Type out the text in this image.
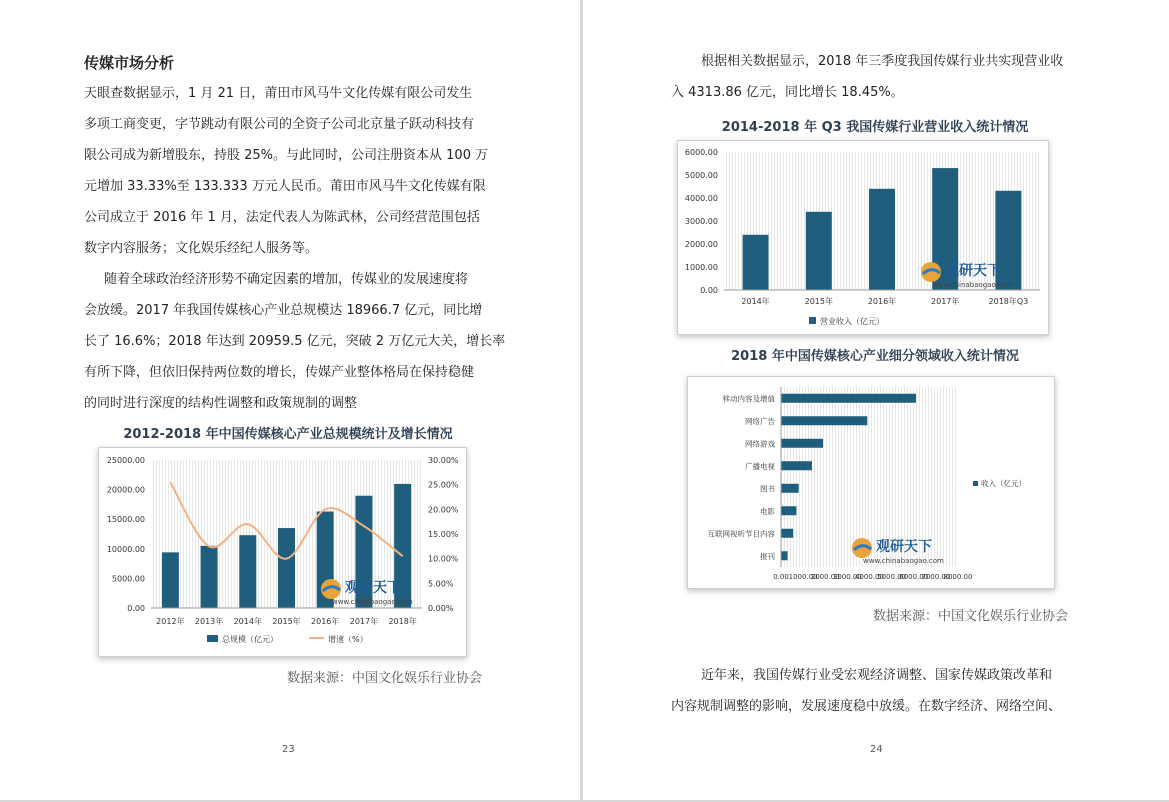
传媒市场分析

天眼查数据显示，1 月 21 日，莆田市风马牛文化传媒有限公司发生
多项工商变更，字节跳动有限公司的全资子公司北京量子跃动科技有
限公司成为新增股东，持股 25%。与此同时，公司注册资本从 100 万
元增加 33.33%至 133.333 万元人民币。莆田市风马牛文化传媒有限
公司成立于 2016 年 1 月，法定代表人为陈武林，公司经营范围包括
数字内容服务；文化娱乐经纪人服务等。

随着全球政治经济形势不确定因素的增加，传媒业的发展速度将
会放缓。2017 年我国传媒核心产业总规模达 18966.7 亿元，同比增
长了 16.6%；2018 年达到 20959.5 亿元，突破 2 万亿元大关，增长率
有所下降，但依旧保持两位数的增长，传媒产业整体格局在保持稳健
的同时进行深度的结构性调整和政策规制的调整

2012-2018 年中国传媒核心产业总规模统计及增长情况
0.00
5000.00
10000.00
15000.00
20000.00
25000.00
0.00%
5.00%
10.00%
15.00%
20.00%
25.00%
30.00%
2012年 2013年 2014年 2015年 2016年 2017年 2018年
观研天下
www.chinabaogao.com
总规模（亿元）	增速（%）
数据来源：中国文化娱乐行业协会
23

根据相关数据显示，2018 年三季度我国传媒行业共实现营业收
入 4313.86 亿元，同比增长 18.45%。

2014-2018 年 Q3 我国传媒行业营业收入统计情况
0.00
1000.00
2000.00
3000.00
4000.00
5000.00
6000.00
2014年	2015年	2016年	2017年	2018年Q3
观研天下
www.chinabaogao.com
营业收入（亿元）
2018 年中国传媒核心产业细分领域收入统计情况
移动内容及增值
网络广告
网络游戏
广播电视
图书
电影
互联网视听节目内容
报刊
0.00 1000.00
2000.00
3000.00
4000.00
5000.00
6000.00
7000.00
8000.00
观研天下
www.chinabaogao.com
收入（亿元）
数据来源：中国文化娱乐行业协会

近年来，我国传媒行业受宏观经济调整、国家传媒政策改革和
内容规制调整的影响，发展速度稳中放缓。在数字经济、网络空间、

24
